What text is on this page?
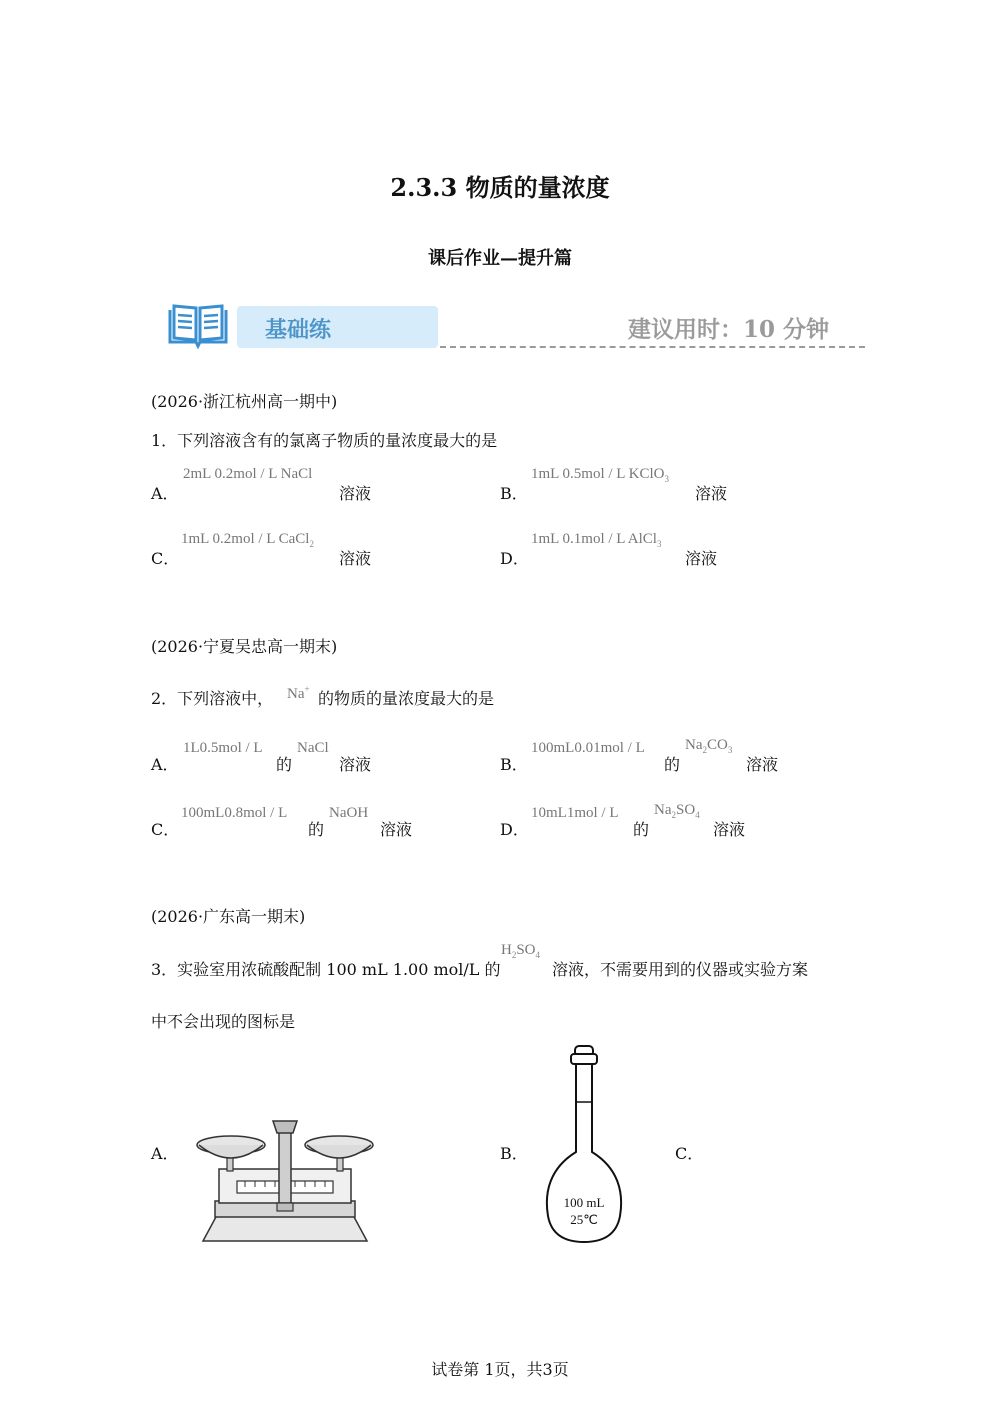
2.3.3 物质的量浓度
课后作业—提升篇
基础练	建议用时：10 分钟
(2026·浙江杭州高一期中)
1．下列溶液含有的氯离子物质的量浓度最大的是
A．
2mL 0.2mol / L NaCl
溶液	B．
1mL 0.5mol / L KClO$_3$
溶液
C．
1mL 0.2mol / L CaCl$_2$
溶液	D．
1mL 0.1mol / L AlCl$_3$
溶液
(2026·宁夏吴忠高一期末)
2．下列溶液中， Na+ 的物质的量浓度最大的是
A．
1L0.5mol / L
的
NaCl
溶液	B．
100mL0.01mol / L
的
$Na_2CO_3$
溶液
C．
100mL0.8mol / L
的
NaOH
溶液	D．
10mL1mol / L
的
$Na_2SO_4$
溶液
(2026·广东高一期末)
3．实验室用浓硫酸配制 100 mL 1.00 mol/L 的
$H_2SO_4$
溶液，不需要用到的仪器或实验方案
中不会出现的图标是
A．	B．
100 mL
25℃
C．
试卷第 1页，共3页
